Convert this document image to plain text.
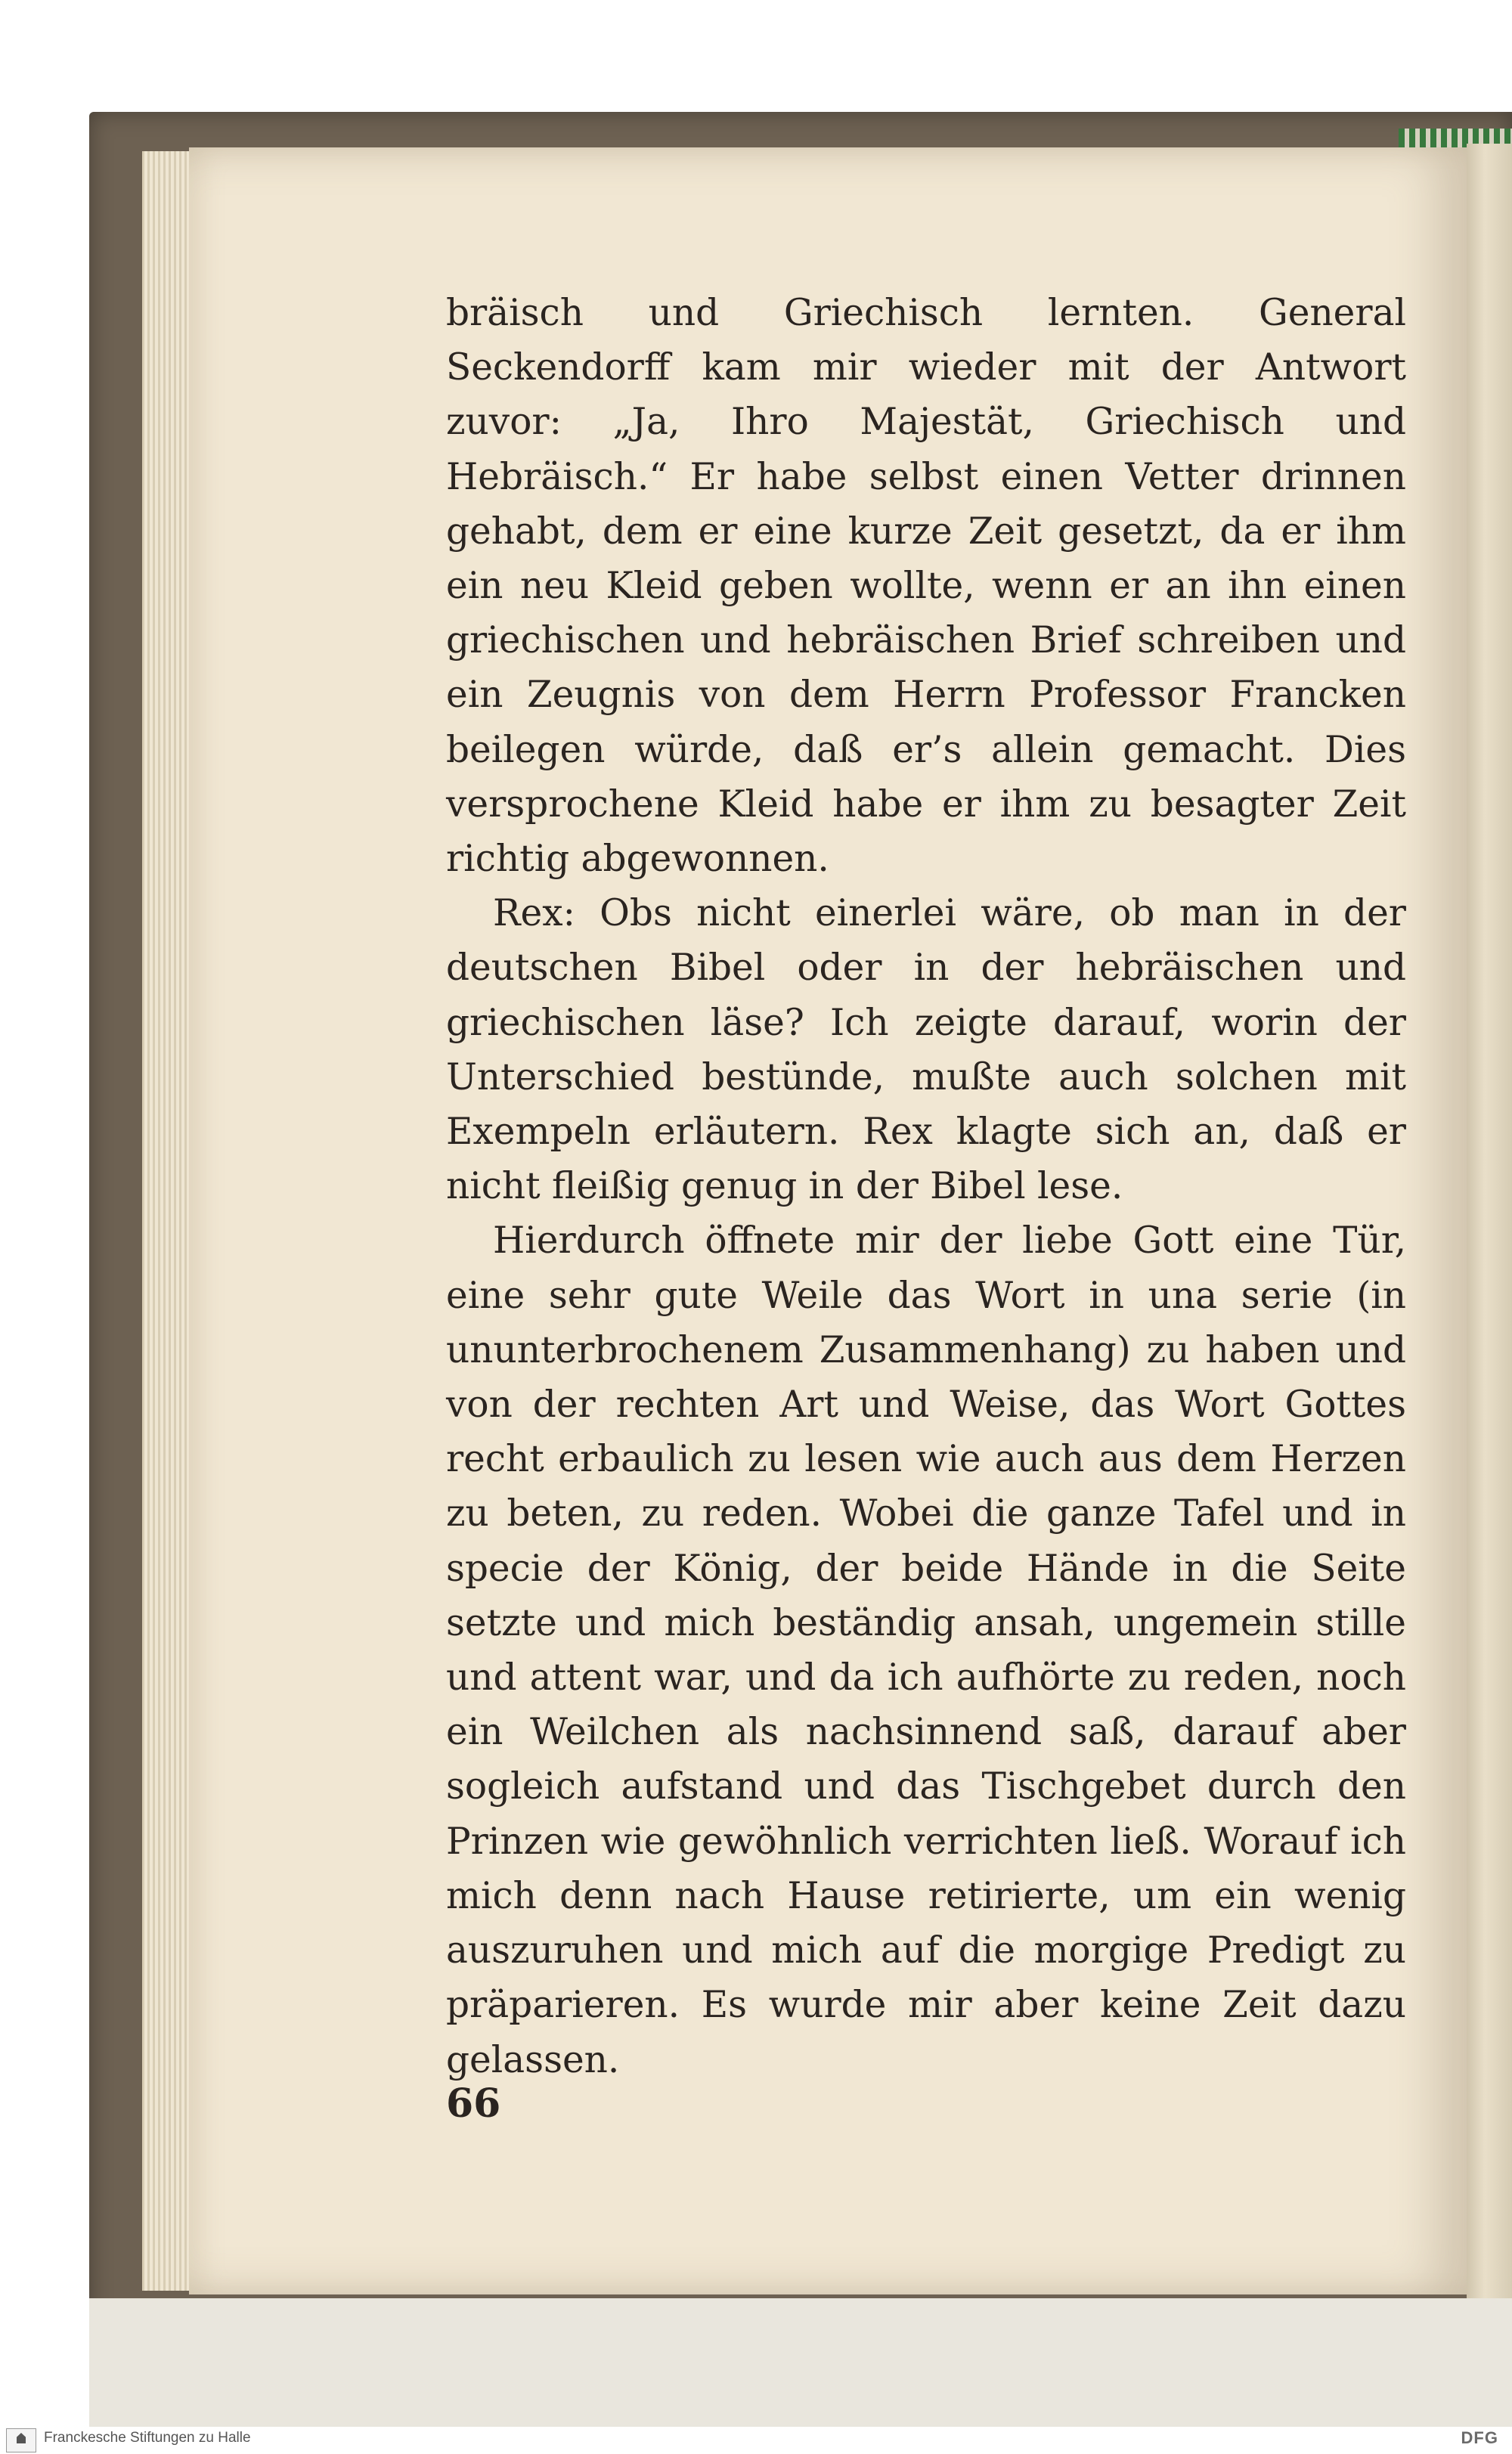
bräisch und Griechisch lernten. General Seckendorff kam mir wieder mit der Antwort zuvor: „Ja, Ihro Majestät, Griechisch und Hebräisch.“ Er habe selbst einen Vetter drinnen gehabt, dem er eine kurze Zeit gesetzt, da er ihm ein neu Kleid geben wollte, wenn er an ihn einen griechischen und hebräischen Brief schreiben und ein Zeugnis von dem Herrn Professor Francken beilegen würde, daß er’s allein gemacht. Dies versprochene Kleid habe er ihm zu besagter Zeit richtig abgewonnen.

Rex: Obs nicht einerlei wäre, ob man in der deutschen Bibel oder in der hebräischen und griechischen läse? Ich zeigte darauf, worin der Unterschied bestünde, mußte auch solchen mit Exempeln erläutern. Rex klagte sich an, daß er nicht fleißig genug in der Bibel lese.

Hierdurch öffnete mir der liebe Gott eine Tür, eine sehr gute Weile das Wort in una serie (in ununterbrochenem Zusammenhang) zu haben und von der rechten Art und Weise, das Wort Gottes recht erbaulich zu lesen wie auch aus dem Herzen zu beten, zu reden. Wobei die ganze Tafel und in specie der König, der beide Hände in die Seite setzte und mich beständig ansah, ungemein stille und attent war, und da ich aufhörte zu reden, noch ein Weilchen als nachsinnend saß, darauf aber sogleich aufstand und das Tischgebet durch den Prinzen wie gewöhnlich verrichten ließ. Worauf ich mich denn nach Hause retirierte, um ein wenig auszuruhen und mich auf die morgige Predigt zu präparieren. Es wurde mir aber keine Zeit dazu gelassen.

66
Franckesche Stiftungen zu Halle	DFG
